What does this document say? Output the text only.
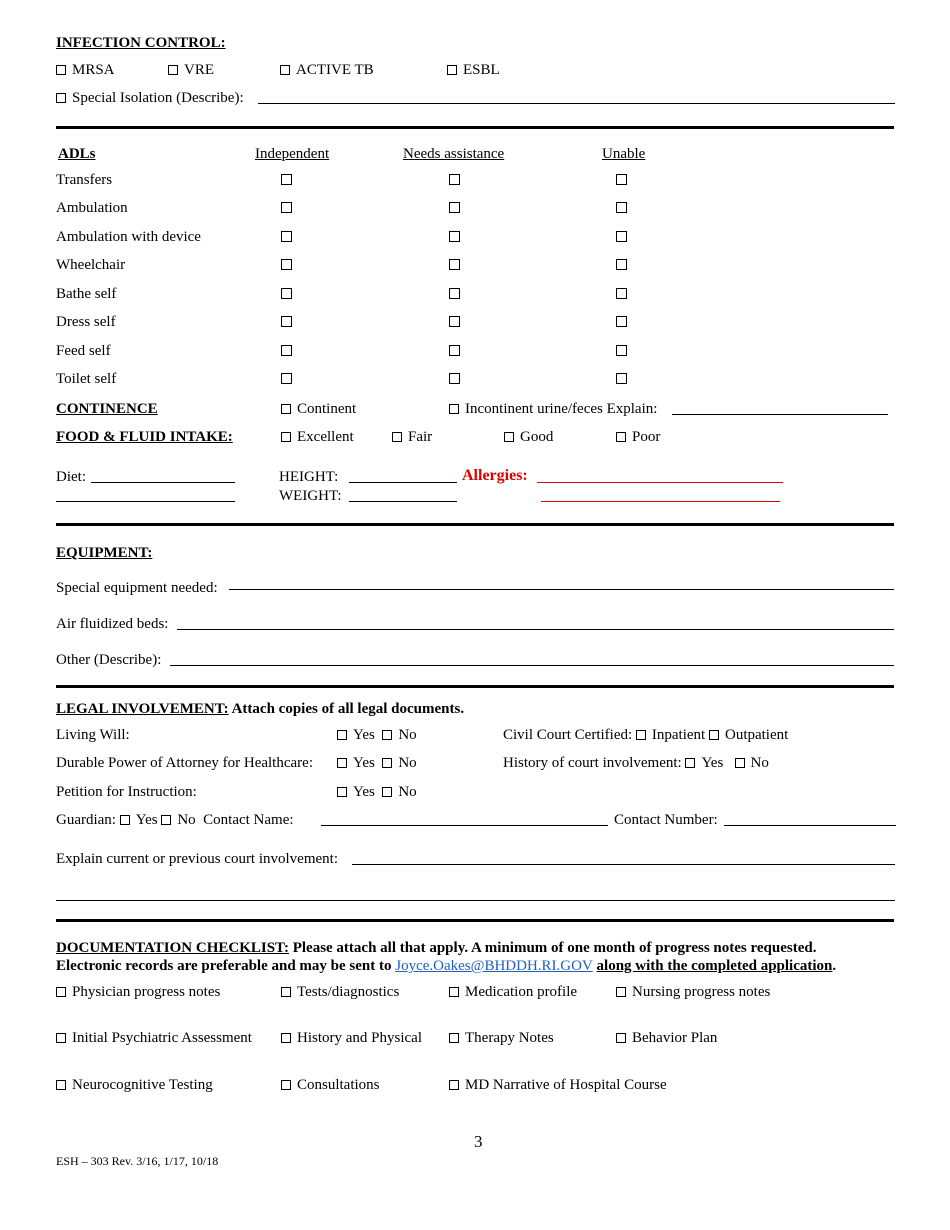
INFECTION CONTROL:
MRSA	VRE	ACTIVE TB	ESBL
Special Isolation (Describe):
ADLs	Independent	Needs assistance	Unable
Transfers
Ambulation
Ambulation with device
Wheelchair
Bathe self
Dress self
Feed self
Toilet self
CONTINENCE	Continent	Incontinent urine/feces Explain:
FOOD & FLUID INTAKE:	Excellent	Fair	Good	Poor
Diet:	HEIGHT:
WEIGHT:
Allergies:
EQUIPMENT:
Special equipment needed:
Air fluidized beds:
Other (Describe):
LEGAL INVOLVEMENT: Attach copies of all legal documents.
Living Will:	Yes No	Civil Court Certified: Inpatient Outpatient
Durable Power of Attorney for Healthcare:	Yes No	History of court involvement: Yes No
Petition for Instruction:	Yes No
Guardian: Yes No Contact Name:	Contact Number:
Explain current or previous court involvement:
DOCUMENTATION CHECKLIST: Please attach all that apply. A minimum of one month of progress notes requested.
Electronic records are preferable and may be sent to Joyce.Oakes@BHDDH.RI.GOV along with the completed application.
Physician progress notes	Tests/diagnostics	Medication profile	Nursing progress notes
Initial Psychiatric Assessment	History and Physical	Therapy Notes	Behavior Plan
Neurocognitive Testing	Consultations	MD Narrative of Hospital Course
3
ESH – 303 Rev. 3/16, 1/17, 10/18
